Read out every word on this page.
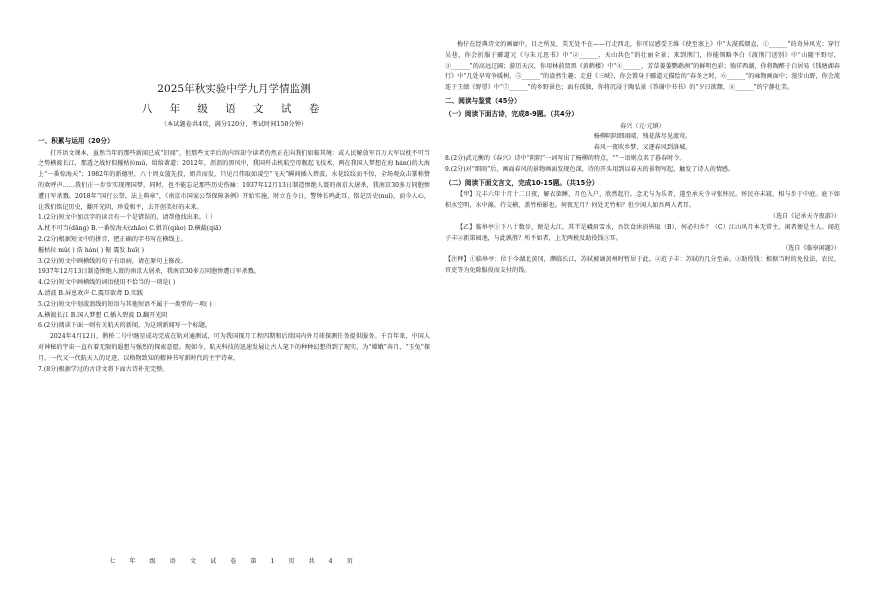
2025年秋实验中学九月学情监测
八 年 级 语 文 试 卷
（本试题卷共4页，满分120分，考试时间150分钟）
一、积累与运用（20分）

打开语文课本，虽然当年的那些新闻已成“旧闻”，但那些文字后的内容却令读者仍然正在向我们如临其境：或人民解放军百万大军以枕不可当之势横渡长江，那透之战好似摧枯拉mǔ，给给著道：2012年，沥沥的黑风中，我国歼击机航空母舰起飞技术，两在我国人梦想在海 hán()的大海上“一番惊海天”；1982年的新德里，八十周女篮先投，姐首而发，只见吕伟取如凌空“飞天”瞬间插入碧波，水花纹纹而不惊，全场观众击掌称赞的欢呼声……我们正一步步实现理国梦，同时，也不能忘记那些历史伤痛：1937年12月13日制造惨绝人寰的南京大屠杀，我南京30多万同胞惨遭日军杀戮。2018年“国行公祭、法上典章”，《南京市国家公祭保障条例》开始实施，时立在今日，警钟长鸣此耳，铭记历史(nuǐ)，而今人心，让我们铭记历史，翻开光阴，珍爱和平，去开创美好的未来。

1.(2分)短文中加点字的读音有一个是错误的，请帮他找出来。（ ）

A.枕不可当(dāng) B.一番惊海天(zhāo) C.姐首(qiào) D.横截(qiā)

2.(2分)根据短文中的拼音，把正确的字书写在横线上。

摧枯拉 mǔ( ) 浩 hán( ) 振 震发 huī( )

3.(2分)短文中画横线的句子有语病，请在原句上修改。

1937年12月13日制造惨绝人寰的南京大屠杀，我南京30多万同胞惨遭日军杀戮。

4.(2分)短文中画横线的词语使用不恰当的一项是( )

A.清波 B.屏息欢声 C.震耳欲聋 D.实践

5.(2分)短文中划波浪线的短语与其他短语不属于一类型的一项( )

A.横渡长江 B.国人梦想 C.插入碧波 D.翻开光阴

6.(2分)阅读下面一则有关航天的新闻，为这则新闻写一个标题。

2024年4月12日，鹊桥二号中继星成功完成在轨对通测试，可为我国探月工程四期和后续国内外月球探测任务提供服务。千百年来，中国人对神秘的宇宙一直有着无限的遐想与强烈的探索意愿。现如今，航天科技的迅速发展让古人笔下的种种幻想得到了现实，为“嫦娥”奔月、“玉兔”探月，一代又一代航天人的足迹，以格物致知的精神书写新时代的主宇诗章。

7.(8分)根据学过的古诗文将下面古诗补充完整。

七 年 级 语 文 试 卷 第 1 页 共 4 页

梅仔在经典诗文的画廊中，目之所及，美无处不在——行走西北，你可以感受王维《使至塞上》中“大漠孤烟直，①______”的奇异风光；穿行吴巷，你会折服于郦道元《与朱元思书》中“②______，天山共色”的壮丽全景；来到荆门，你能领略李白《渡荆门送别》中“山随平野尽，③______”的高远辽阔；游历天汉，你用林前贾黑《黄鹤楼》中“④______，芳草萋萋鹦鹉洲”的鲜明色彩；徜徉西湖，你将陶醉于白居易《钱塘湖春行》中“几处早莺争暖树，⑤______”的盎然生趣；走进《三峡》，你会置身于郦道元描绘的“春冬之时，⑥______”的咏物画面中；漫步山野，你会流连于王绩《野望》中“⑦______”的乡野景色；面有孤独，你将沉浸于陶弘景《答谢中书书》的“夕日欲颓，⑧______”的宁静壮美。

二、阅读与鉴赏（45分）
（一）阅读下面古诗，完成8-9题。（共4分）

春兴（元·元镇）

杨柳阴阴细雨晴，残花落尽见流莺。

春风一夜吹乡梦，又逐春风到洛城。

8.(2分)武元衡的《春兴》诗中“阴阴”一词写出了杨柳的特点，“”一语则点名了暮春时令。

9.(2分)对“细雨”后，画面春风的景物画面发现色深，诗的开头用到以春天的景物写起，触发了诗人的情感。

（二）阅读下面文言文，完成10-15题。（共15分）

【甲】元丰六年十月十二日夜，解衣欲睡，月色入户，欣然起行。念无与为乐者，遂至承天寺寻张怀民。怀民亦未寝，相与步于中庭。庭下如积水空明，水中藻、荇交横，盖竹柏影也。何夜无月？何处无竹柏？但少闲人如吾两人者耳。

（选自《记承天寺夜游》）

【乙】临皋亭①下八十数步，便是大江，其半是峨眉雪水，吾饮食沐浴皆取（B），何必归乡？（C）江山风月本无常主，闲者便是主人。闻范子丰②新第园池，与此孰胜？所不如者，上无两税及助役钱③耳。

（选自《临皋闲题》）

【注释】①临皋亭：位于今湖北黄冈，濒临长江，苏轼被谪黄州时暂居于此。②范子丰：苏轼的几分至亲。③助役钱：根据当时的免役法，农民、官吏等为免除服役而支付的钱。
